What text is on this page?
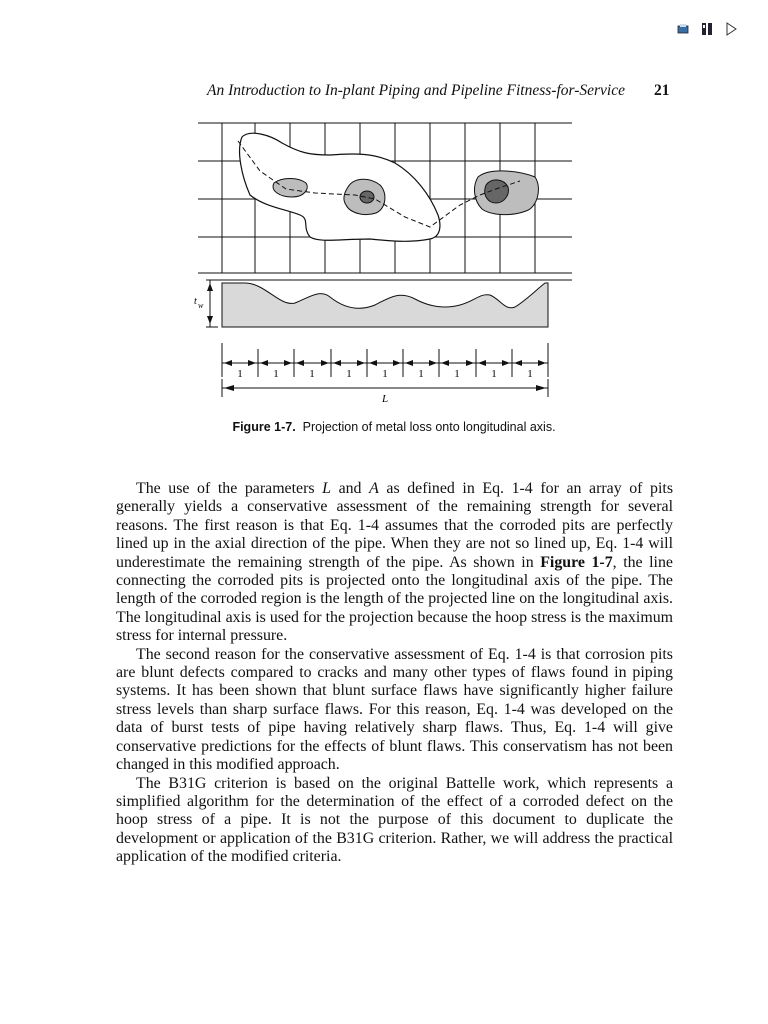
An Introduction to In-plant Piping and Pipeline Fitness-for-Service 21
t w
1	1	1	1	1	1	1	1	1
L
Figure 1-7. Projection of metal loss onto longitudinal axis.

The use of the parameters L and A as defined in Eq. 1-4 for an array of pits generally yields a conservative assessment of the remaining strength for several reasons. The first reason is that Eq. 1-4 assumes that the corroded pits are perfectly lined up in the axial direction of the pipe. When they are not so lined up, Eq. 1-4 will underestimate the remaining strength of the pipe. As shown in Figure 1-7, the line connecting the corroded pits is projected onto the longitudinal axis of the pipe. The length of the corroded region is the length of the projected line on the longitudinal axis. The longitudinal axis is used for the projection because the hoop stress is the maximum stress for internal pressure.

The second reason for the conservative assessment of Eq. 1-4 is that corrosion pits are blunt defects compared to cracks and many other types of flaws found in piping systems. It has been shown that blunt surface flaws have significantly higher failure stress levels than sharp surface flaws. For this reason, Eq. 1-4 was developed on the data of burst tests of pipe having relatively sharp flaws. Thus, Eq. 1-4 will give conservative predictions for the effects of blunt flaws. This conservatism has not been changed in this modified approach.

The B31G criterion is based on the original Battelle work, which represents a simplified algorithm for the determination of the effect of a corroded defect on the hoop stress of a pipe. It is not the purpose of this document to duplicate the development or application of the B31G criterion. Rather, we will address the practical application of the modified criteria.
